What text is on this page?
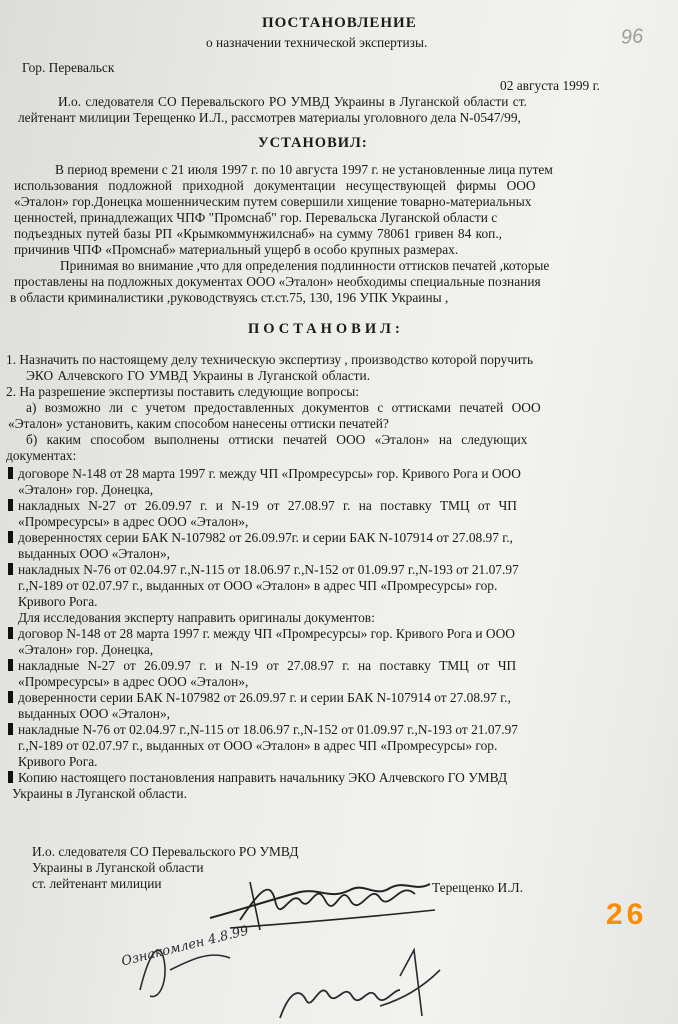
ПОСТАНОВЛЕНИЕ
о назначении технической экспертизы.	96
Гор. Перевальск
02 августа 1999 г.
И.о. следователя СО Перевальского РО УМВД Украины в Луганской области ст.
лейтенант милиции Терещенко И.Л., рассмотрев материалы уголовного дела N-0547/99,
УСТАНОВИЛ:
В период времени с 21 июля 1997 г. по 10 августа 1997 г. не установленные лица путем
использования подложной приходной документации несуществующей фирмы ООО
«Эталон» гор.Донецка мошенническим путем совершили хищение товарно-материальных
ценностей, принадлежащих ЧПФ "Промснаб" гор. Перевальска Луганской области с
подъездных путей базы РП «Крымкоммунжилснаб» на сумму 78061 гривен 84 коп.,
причинив ЧПФ «Промснаб» материальный ущерб в особо крупных размерах.
Принимая во внимание ,что для определения подлинности оттисков печатей ,которые
проставлены на подложных документах ООО «Эталон» необходимы специальные познания
в области криминалистики ,руководствуясь ст.ст.75, 130, 196 УПК Украины ,
ПОСТАНОВИЛ:
1. Назначить по настоящему делу техническую экспертизу , производство которой поручить
ЭКО Алчевского ГО УМВД Украины в Луганской области.
2. На разрешение экспертизы поставить следующие вопросы:
а) возможно ли с учетом предоставленных документов с оттисками печатей ООО
«Эталон» установить, каким способом нанесены оттиски печатей?
б) каким способом выполнены оттиски печатей ООО «Эталон» на следующих
документах:
договоре N-148 от 28 марта 1997 г. между ЧП «Промресурсы» гор. Кривого Рога и ООО
«Эталон» гор. Донецка,
накладных N-27 от 26.09.97 г. и N-19 от 27.08.97 г. на поставку ТМЦ от ЧП
«Промресурсы» в адрес ООО «Эталон»,
доверенностях серии БАК N-107982 от 26.09.97г. и серии БАК N-107914 от 27.08.97 г.,
выданных ООО «Эталон»,
накладных N-76 от 02.04.97 г.,N-115 от 18.06.97 г.,N-152 от 01.09.97 г.,N-193 от 21.07.97
г.,N-189 от 02.07.97 г., выданных от ООО «Эталон» в адрес ЧП «Промресурсы» гор.
Кривого Рога.
Для исследования эксперту направить оригиналы документов:
договор N-148 от 28 марта 1997 г. между ЧП «Промресурсы» гор. Кривого Рога и ООО
«Эталон» гор. Донецка,
накладные N-27 от 26.09.97 г. и N-19 от 27.08.97 г. на поставку ТМЦ от ЧП
«Промресурсы» в адрес ООО «Эталон»,
доверенности серии БАК N-107982 от 26.09.97 г. и серии БАК N-107914 от 27.08.97 г.,
выданных ООО «Эталон»,
накладные N-76 от 02.04.97 г.,N-115 от 18.06.97 г.,N-152 от 01.09.97 г.,N-193 от 21.07.97
г.,N-189 от 02.07.97 г., выданных от ООО «Эталон» в адрес ЧП «Промресурсы» гор.
Кривого Рога.
Копию настоящего постановления направить начальнику ЭКО Алчевского ГО УМВД
Украины в Луганской области.
И.о. следователя СО Перевальского РО УМВД
Украины в Луганской области
ст. лейтенант милиции	Терещенко И.Л.
Ознакомлен 4.8.99
26
